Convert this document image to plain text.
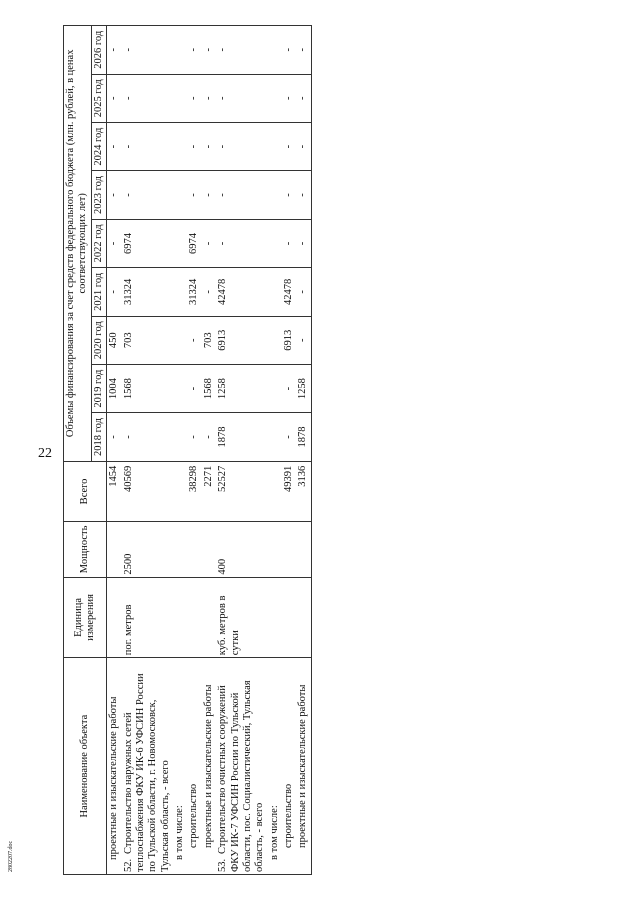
22
Наименование объекта	Единица измерения	Мощность	Всего	Объемы финансирования за счет средств федерального бюджета (млн. рублей, в ценах соответствующих лет)								
				2018 год	2019 год	2020 год	2021 год	2022 год	2023 год	2024 год	2025 год	2026 год
проектные и изыскательские работы			1454	-	1004	450	-	-	-	-	-	-
52.Строительство наружных сетей теплоснабжения ФКУ ИК-6 УФСИН России по Тульской области, г. Новомосковск, Тульская область, - всего	пог. метров	2500	40569	-	1568	703	31324	6974	-	-	-	-
в том числе:												
строительство			38298	-	-	-	31324	6974	-	-	-	-
проектные и изыскательские работы			2271	-	1568	703	-	-	-	-	-	-
53.Строительство очистных сооружений ФКУ ИК-7 УФСИН России по Тульской области, пос. Социалистический, Тульская область, - всего	куб. метров в сутки	400	52527	1878	1258	6913	42478	-	-	-	-	-
в том числе:												
строительство			49391	-	-	6913	42478	-	-	-	-	-
проектные и изыскательские работы			3136	1878	1258	-	-	-	-	-	-	-
2802207.doc
